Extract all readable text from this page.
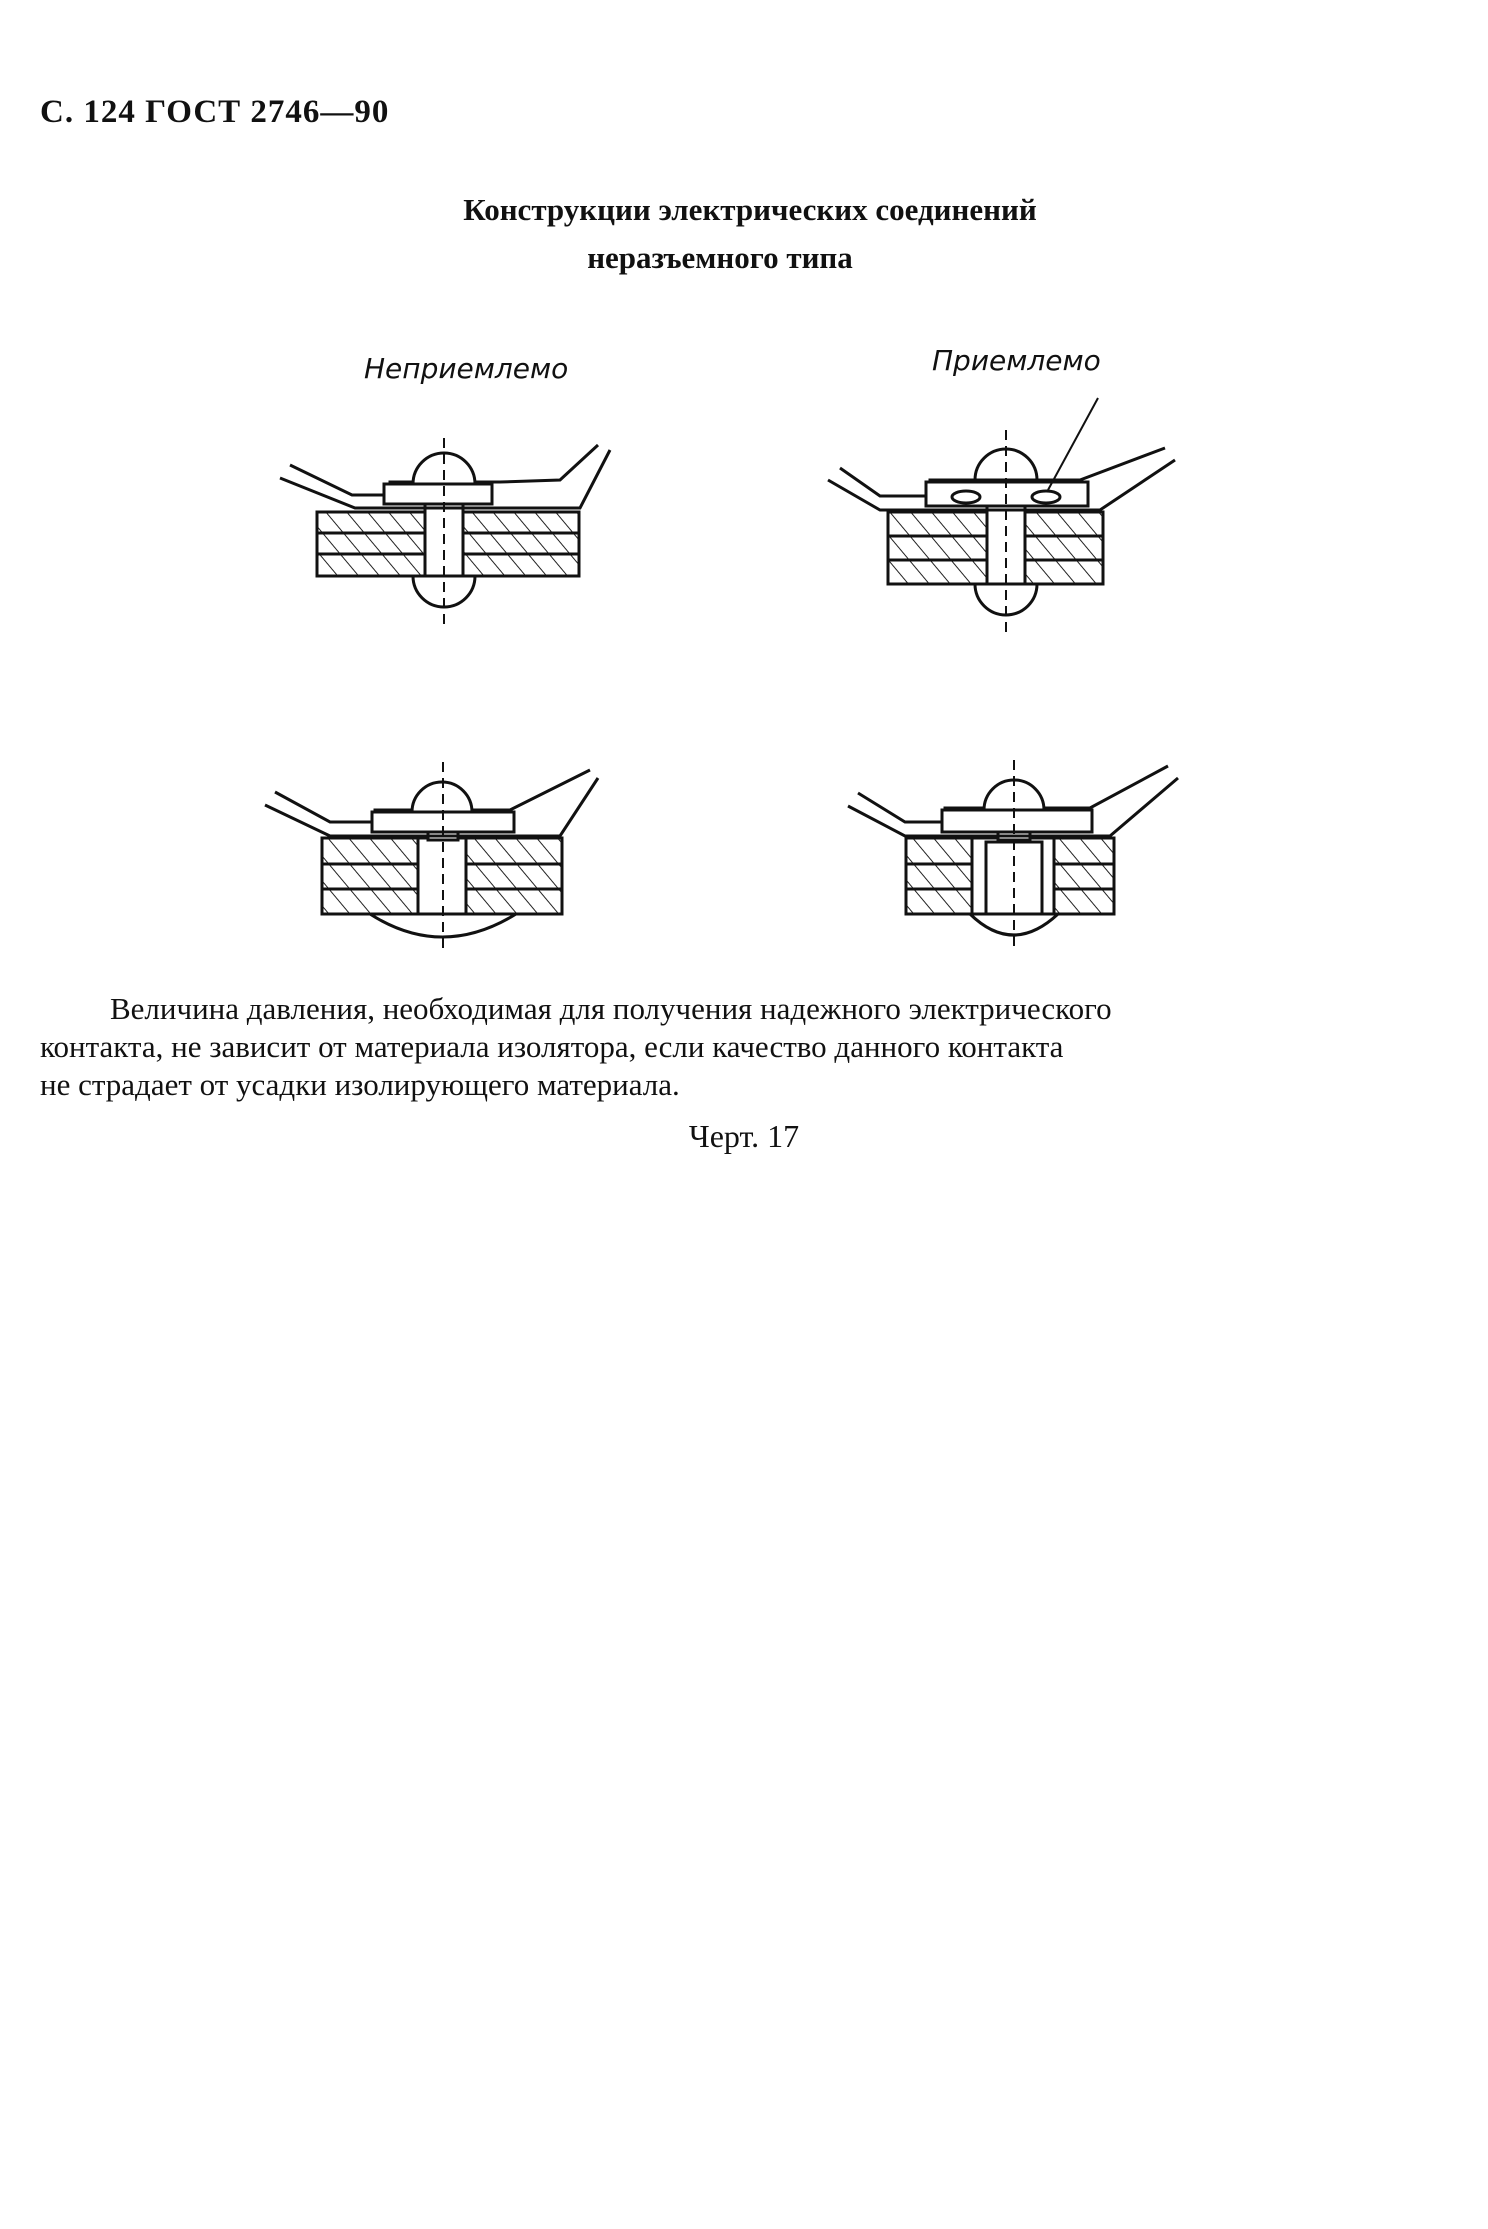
С. 124 ГОСТ 2746—90
Конструкции электрических соединений
неразъемного типа
Неприемлемо	Приемлемо

Величина давления, необходимая для получения надежного электрического

контакта, не зависит от материала изолятора, если качество данного контакта

не страдает от усадки изолирующего материала.

Черт. 17
